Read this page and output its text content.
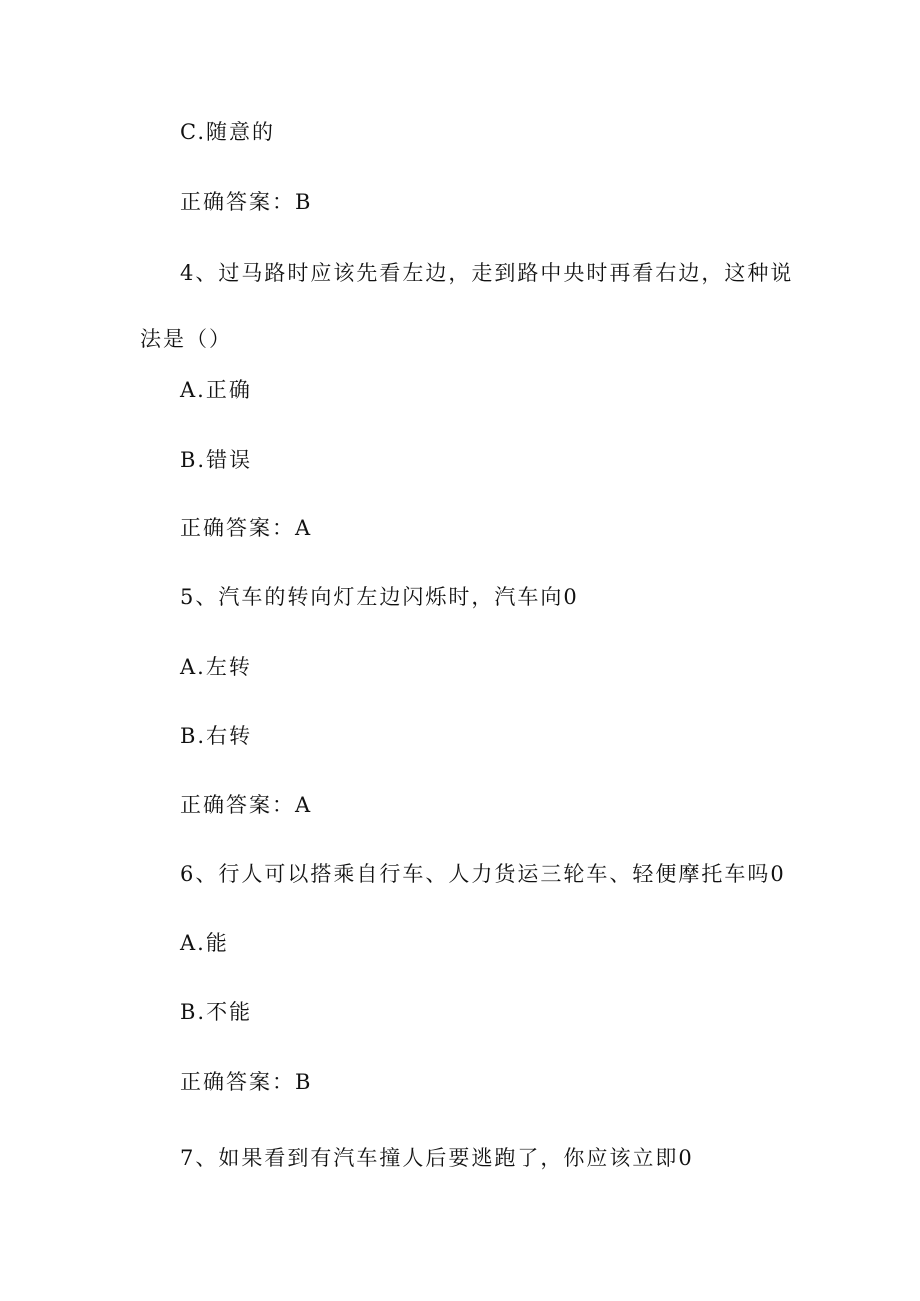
C.随意的
正确答案：B
4、过马路时应该先看左边，走到路中央时再看右边，这种说法是（）
A.正确
B.错误
正确答案：A
5、汽车的转向灯左边闪烁时，汽车向0
A.左转
B.右转
正确答案：A
6、行人可以搭乘自行车、人力货运三轮车、轻便摩托车吗0
A.能
B.不能
正确答案：B
7、如果看到有汽车撞人后要逃跑了，你应该立即0
